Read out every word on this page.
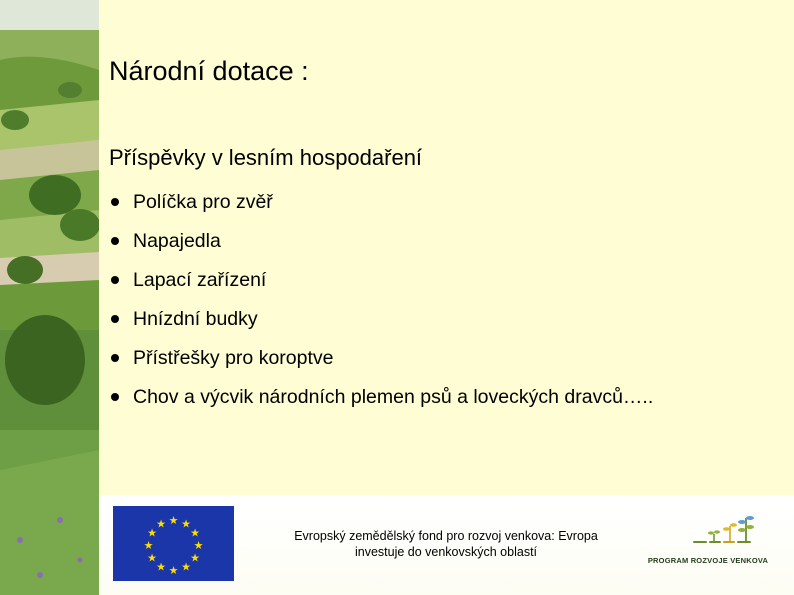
Národní dotace :
Příspěvky v lesním hospodaření
Políčka pro zvěř
Napajedla
Lapací zařízení
Hnízdní budky
Přístřešky pro koroptve
Chov a výcvik národních plemen psů a loveckých dravců…..
★ ★
★
★
★
★
★
★
★
★
★
★
Evropský zemědělský fond pro rozvoj venkova: Evropa
investuje do venkovských oblastí
PROGRAM ROZVOJE VENKOVA
